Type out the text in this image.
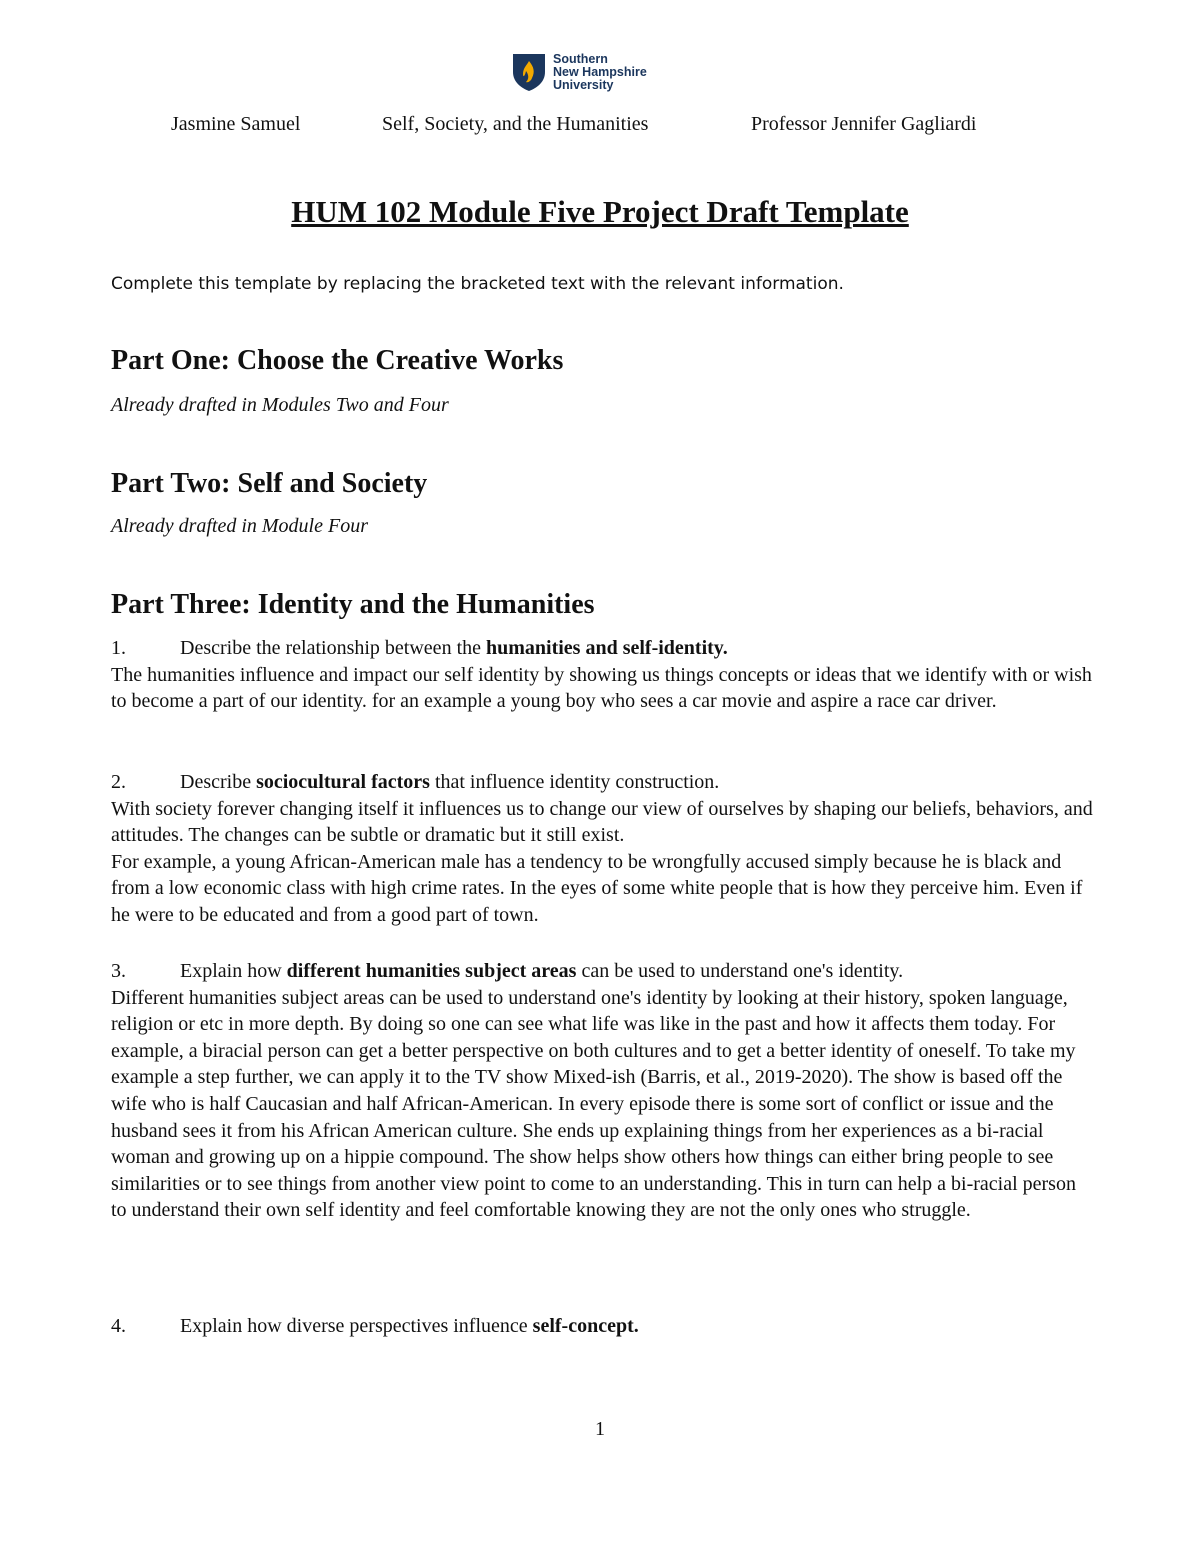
Southern
New Hampshire
University
Jasmine Samuel	Self, Society, and the Humanities	Professor Jennifer Gagliardi
HUM 102 Module Five Project Draft Template

Complete this template by replacing the bracketed text with the relevant information.

Part One: Choose the Creative Works

Already drafted in Modules Two and Four

Part Two: Self and Society

Already drafted in Module Four

Part Three: Identity and the Humanities

1.	Describe the relationship between the humanities and self-identity.

The humanities influence and impact our self identity by showing us things concepts or ideas that we identify with or wish to become a part of our identity. for an example a young boy who sees a car movie and aspire a race car driver.

2.	Describe sociocultural factors that influence identity construction.

With society forever changing itself it influences us to change our view of ourselves by shaping our beliefs, behaviors, and attitudes. The changes can be subtle or dramatic but it still exist.

For example, a young African-American male has a tendency to be wrongfully accused simply because he is black and from a low economic class with high crime rates. In the eyes of some white people that is how they perceive him. Even if he were to be educated and from a good part of town.

3.	Explain how different humanities subject areas can be used to understand one's identity.

Different humanities subject areas can be used to understand one's identity by looking at their history, spoken language, religion or etc in more depth. By doing so one can see what life was like in the past and how it affects them today. For example, a biracial person can get a better perspective on both cultures and to get a better identity of oneself. To take my example a step further, we can apply it to the TV show Mixed-ish (Barris, et al., 2019-2020). The show is based off the wife who is half Caucasian and half African-American. In every episode there is some sort of conflict or issue and the husband sees it from his African American culture. She ends up explaining things from her experiences as a bi-racial woman and growing up on a hippie compound. The show helps show others how things can either bring people to see similarities or to see things from another view point to come to an understanding. This in turn can help a bi-racial person to understand their own self identity and feel comfortable knowing they are not the only ones who struggle.

4.	Explain how diverse perspectives influence self-concept.

1
